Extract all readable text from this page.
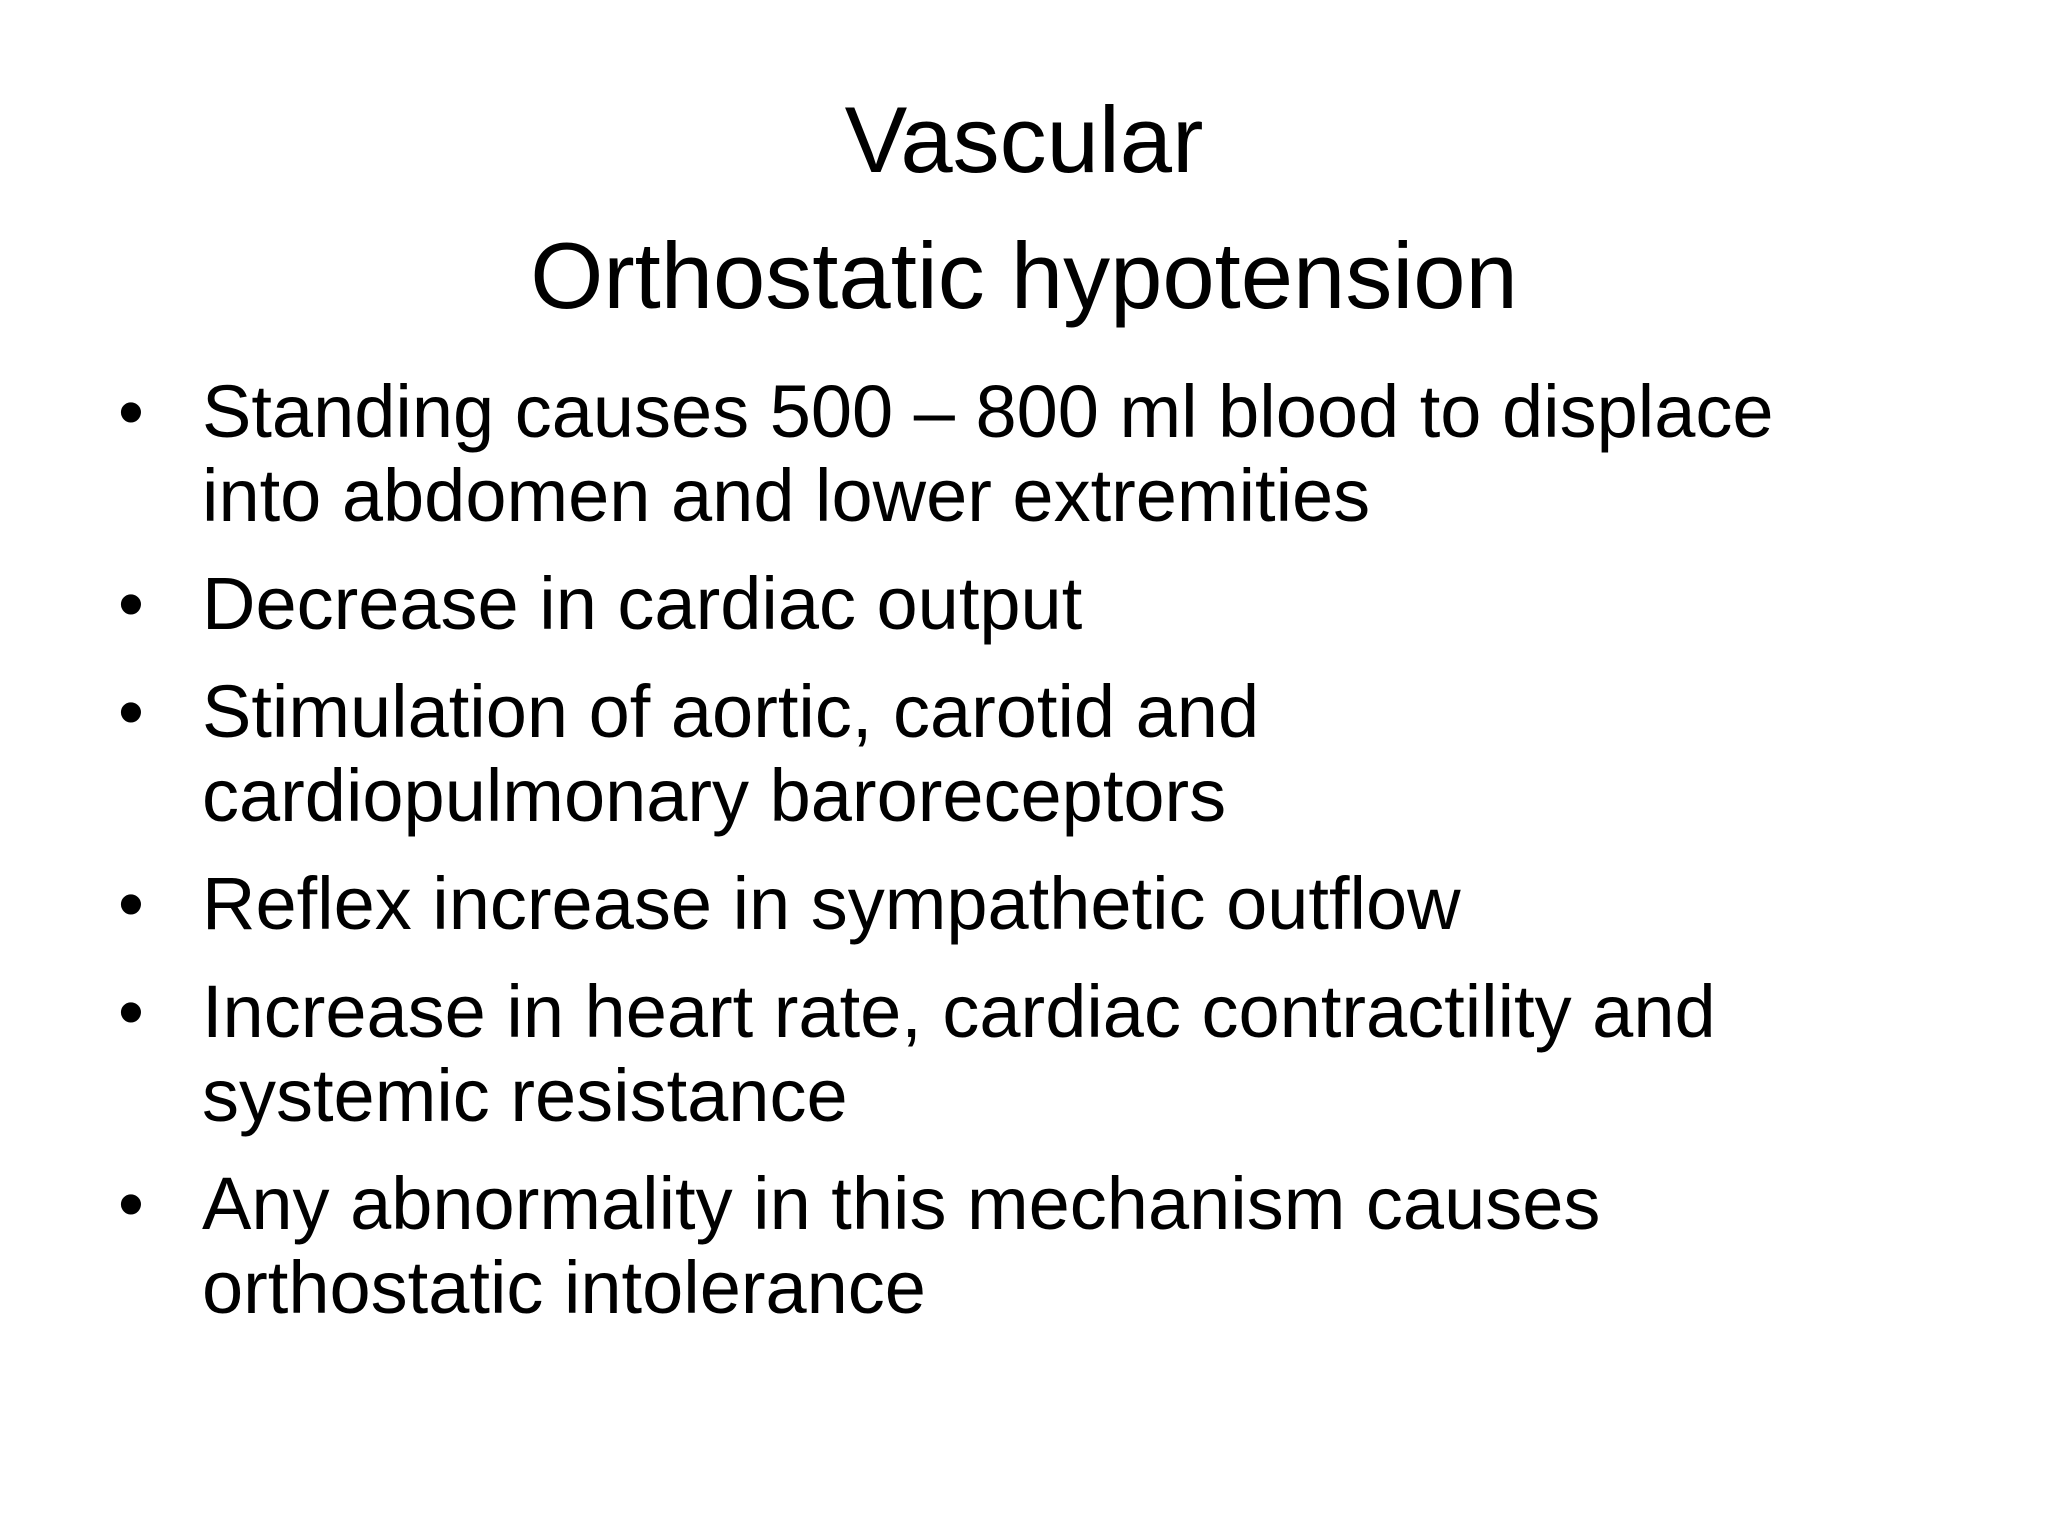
Vascular
Orthostatic hypotension
• Standing causes 500 – 800 ml blood to displace
into abdomen and lower extremities
• Decrease in cardiac output
• Stimulation of aortic, carotid and
cardiopulmonary baroreceptors
• Reflex increase in sympathetic outflow
• Increase in heart rate, cardiac contractility and
systemic resistance
• Any abnormality in this mechanism causes
orthostatic intolerance
